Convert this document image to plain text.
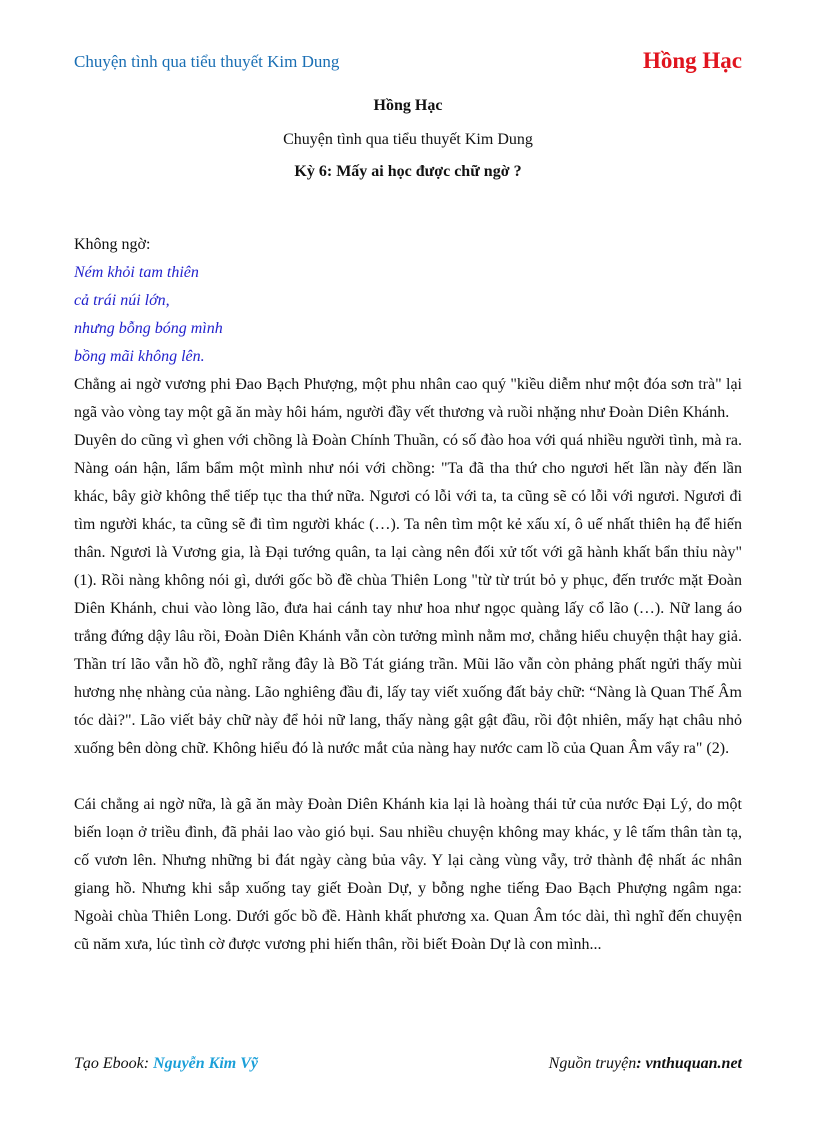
Chuyện tình qua tiểu thuyết Kim Dung	Hồng Hạc
Hồng Hạc
Chuyện tình qua tiểu thuyết Kim Dung
Kỳ 6: Mấy ai học được chữ ngờ ?

Không ngờ:

Ném khỏi tam thiên

cả trái núi lớn,

nhưng bỗng bóng mình

bồng mãi không lên.

Chẳng ai ngờ vương phi Đao Bạch Phượng, một phu nhân cao quý "kiều diễm như một đóa sơn trà" lại ngã vào vòng tay một gã ăn mày hôi hám, người đầy vết thương và ruồi nhặng như Đoàn Diên Khánh.

Duyên do cũng vì ghen với chồng là Đoàn Chính Thuần, có số đào hoa với quá nhiều người tình, mà ra. Nàng oán hận, lẩm bẩm một mình như nói với chồng: "Ta đã tha thứ cho ngươi hết lần này đến lần khác, bây giờ không thể tiếp tục tha thứ nữa. Ngươi có lỗi với ta, ta cũng sẽ có lỗi với ngươi. Ngươi đi tìm người khác, ta cũng sẽ đi tìm người khác (…). Ta nên tìm một kẻ xấu xí, ô uế nhất thiên hạ để hiến thân. Ngươi là Vương gia, là Đại tướng quân, ta lại càng nên đối xử tốt với gã hành khất bẩn thỉu này" (1). Rồi nàng không nói gì, dưới gốc bồ đề chùa Thiên Long "từ từ trút bỏ y phục, đến trước mặt Đoàn Diên Khánh, chui vào lòng lão, đưa hai cánh tay như hoa như ngọc quàng lấy cổ lão (…). Nữ lang áo trắng đứng dậy lâu rồi, Đoàn Diên Khánh vẫn còn tưởng mình nằm mơ, chẳng hiểu chuyện thật hay giả. Thần trí lão vẫn hồ đồ, nghĩ rằng đây là Bồ Tát giáng trần. Mũi lão vẫn còn phảng phất ngửi thấy mùi hương nhẹ nhàng của nàng. Lão nghiêng đầu đi, lấy tay viết xuống đất bảy chữ: “Nàng là Quan Thế Âm tóc dài?". Lão viết bảy chữ này để hỏi nữ lang, thấy nàng gật gật đầu, rồi đột nhiên, mấy hạt châu nhỏ xuống bên dòng chữ. Không hiểu đó là nước mắt của nàng hay nước cam lồ của Quan Âm vẩy ra" (2).

Cái chẳng ai ngờ nữa, là gã ăn mày Đoàn Diên Khánh kia lại là hoàng thái tử của nước Đại Lý, do một biến loạn ở triều đình, đã phải lao vào gió bụi. Sau nhiều chuyện không may khác, y lê tấm thân tàn tạ, cố vươn lên. Nhưng những bi đát ngày càng bủa vây. Y lại càng vùng vẫy, trở thành đệ nhất ác nhân giang hồ. Nhưng khi sắp xuống tay giết Đoàn Dự, y bỗng nghe tiếng Đao Bạch Phượng ngâm nga: Ngoài chùa Thiên Long. Dưới gốc bồ đề. Hành khất phương xa. Quan Âm tóc dài, thì nghĩ đến chuyện cũ năm xưa, lúc tình cờ được vương phi hiến thân, rồi biết Đoàn Dự là con mình...

Tạo Ebook: Nguyễn Kim Vỹ	Nguồn truyện: vnthuquan.net
